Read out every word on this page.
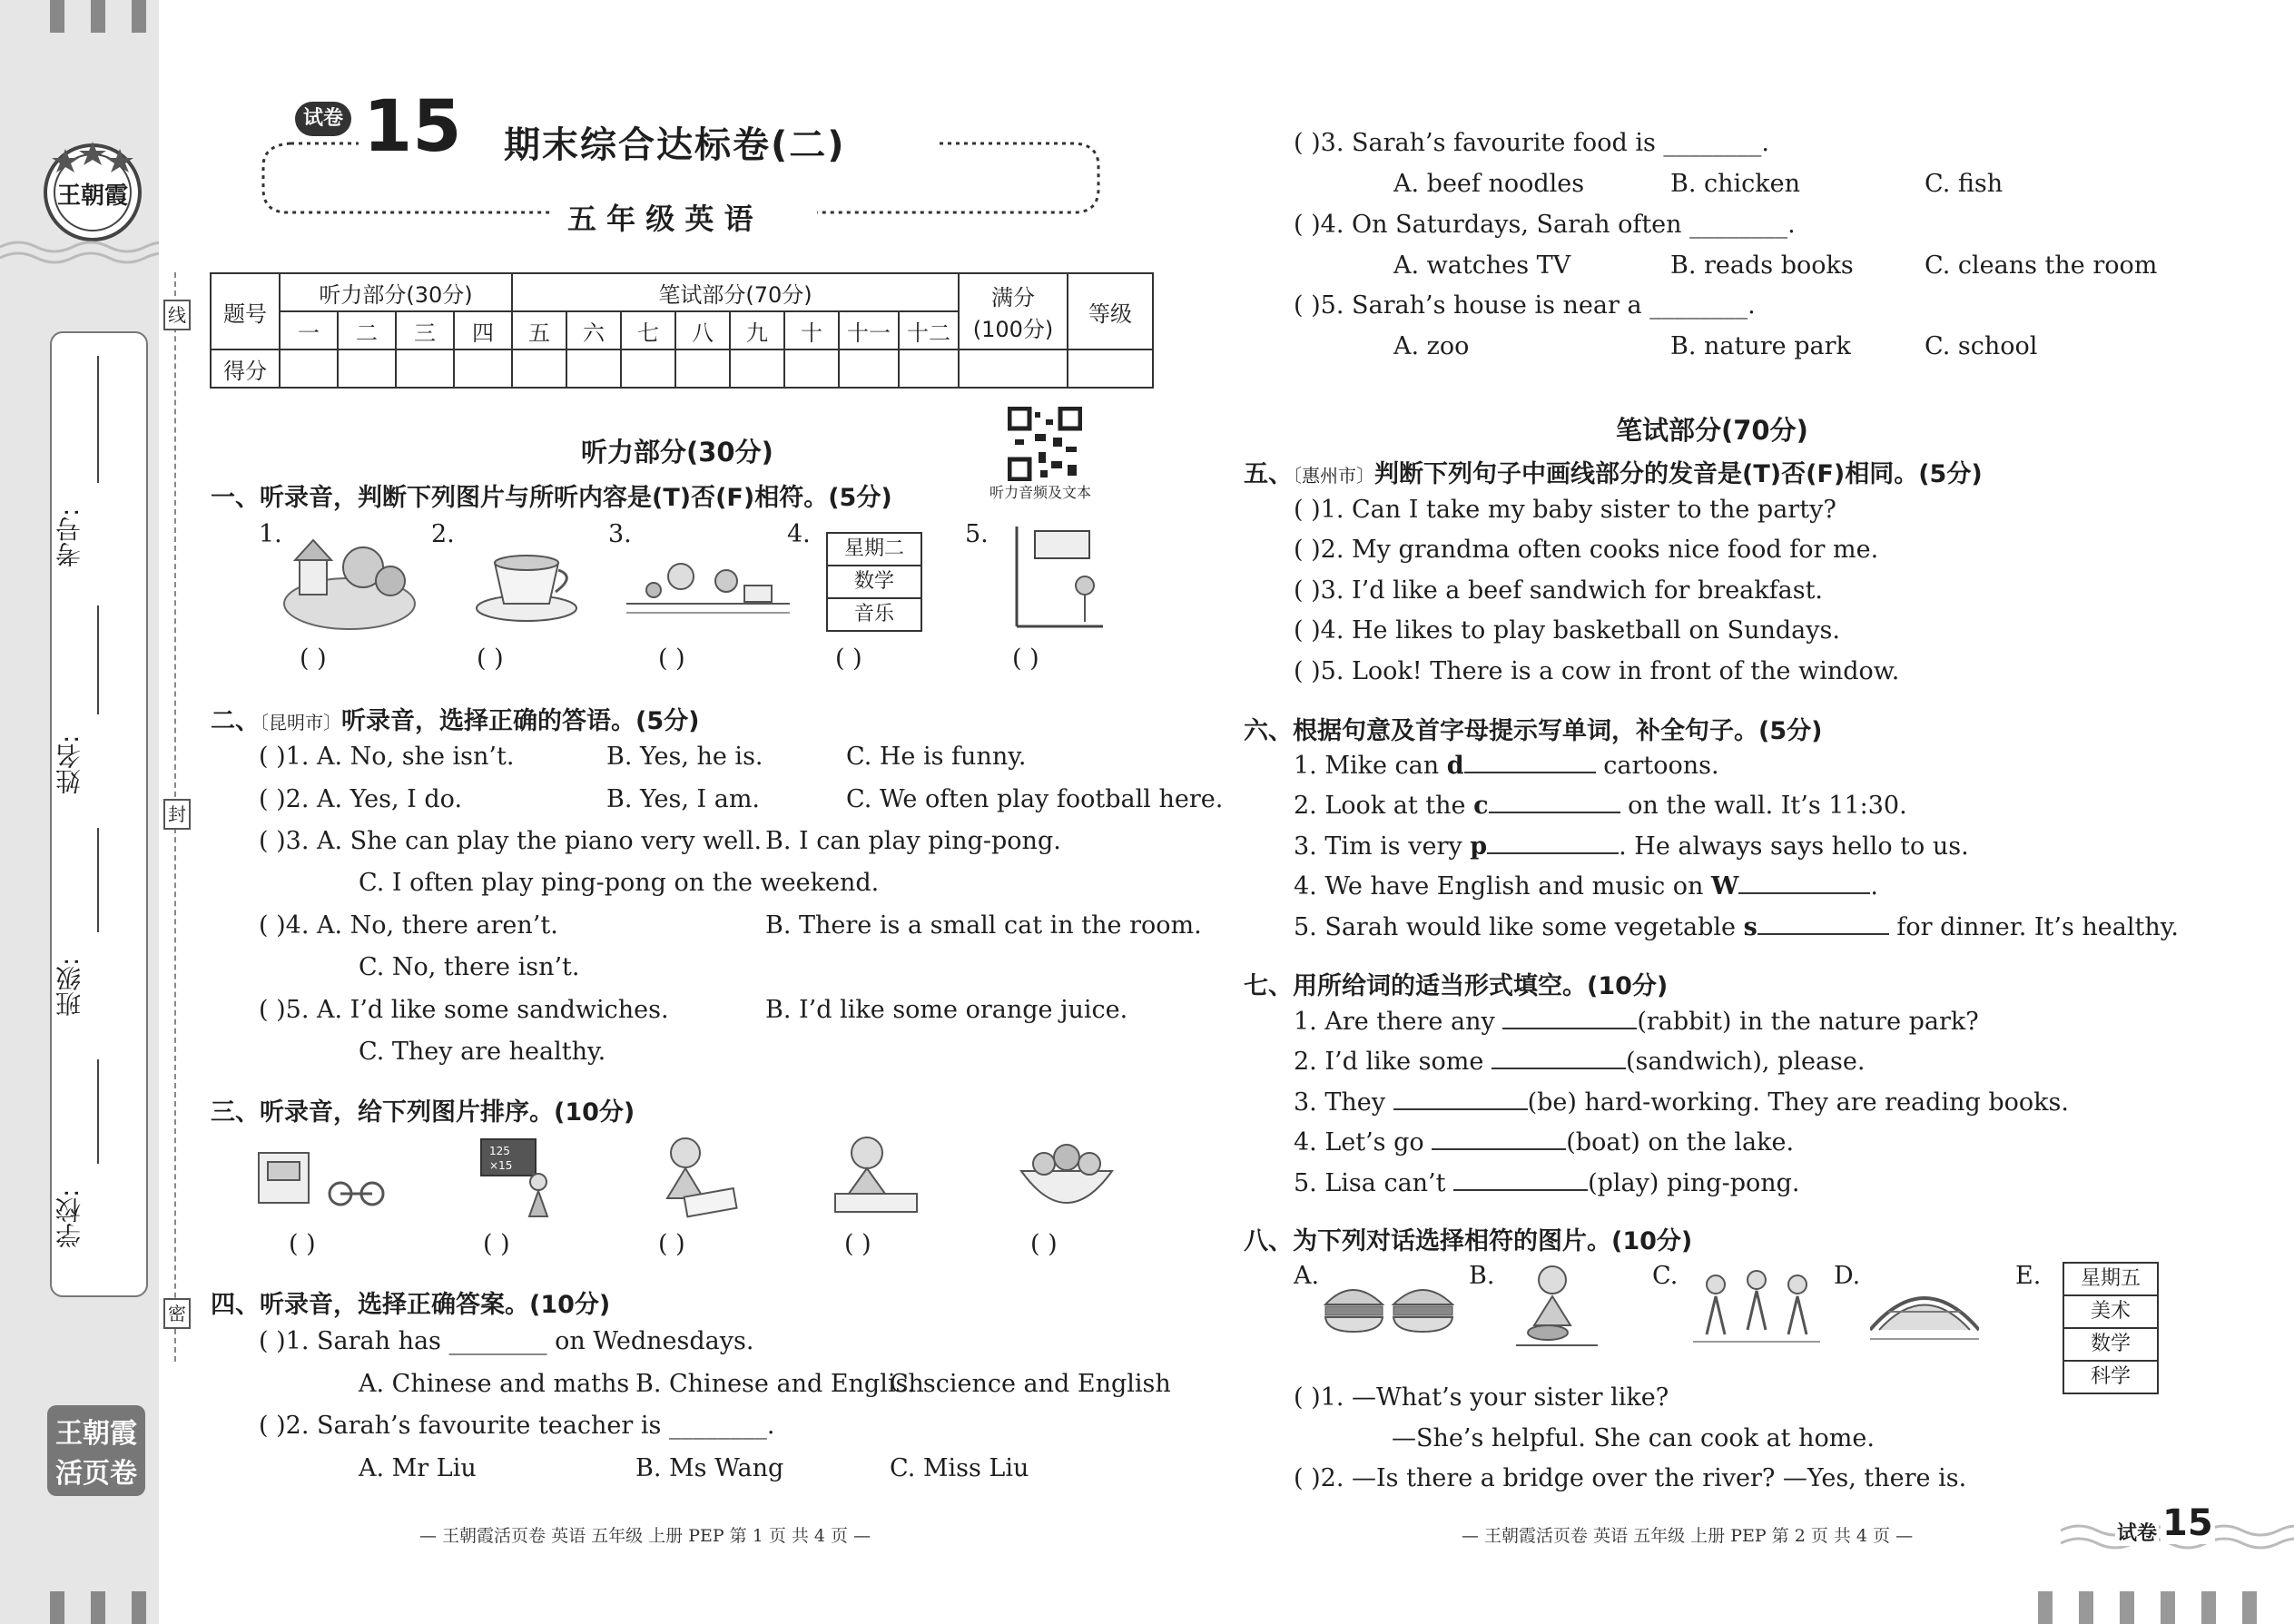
王朝霞
考号:
姓名:
班级:
学校:
王朝霞
活页卷
线
封
密
试卷 15 期末综合达标卷(二)
五 年 级 英 语
题号	听力部分(30分)				笔试部分(70分)								满分
(100分)	等级
	一	二	三	四	五	六	七	八	九	十	十一	十二		
得分														
听力部分(30分)
听力音频及文本
一、听录音，判断下列图片与所听内容是(T)否(F)相符。(5分)
1.	2.	3.	4.	5.
星期二
数学
音乐
( )	( )	( )	( )	( )
二、〔昆明市〕听录音，选择正确的答语。(5分)
( )1. A. No, she isn’t.	B. Yes, he is.	C. He is funny.
( )2. A. Yes, I do.	B. Yes, I am.	C. We often play football here.
( )3. A. She can play the piano very well. B. I can play ping-pong.
C. I often play ping-pong on the weekend.
( )4. A. No, there aren’t.	B. There is a small cat in the room.
C. No, there isn’t.
( )5. A. I’d like some sandwiches.	B. I’d like some orange juice.
C. They are healthy.
三、听录音，给下列图片排序。(10分)
125
×15
( )	( )	( )	( )	( )
四、听录音，选择正确答案。(10分)
( )1. Sarah has ________ on Wednesdays.
A. Chinese and maths B. Chinese and English
C. science and English
( )2. Sarah’s favourite teacher is ________.
A. Mr Liu	B. Ms Wang	C. Miss Liu
— 王朝霞活页卷 英语 五年级 上册 PEP 第 1 页 共 4 页 —
( )3. Sarah’s favourite food is ________.
A. beef noodles	B. chicken	C. fish
( )4. On Saturdays, Sarah often ________.
A. watches TV	B. reads books	C. cleans the room
( )5. Sarah’s house is near a ________.
A. zoo	B. nature park	C. school
笔试部分(70分)
五、〔惠州市〕判断下列句子中画线部分的发音是(T)否(F)相同。(5分)
( )1. Can I take my baby sister to the party?
( )2. My grandma often cooks nice food for me.
( )3. I’d like a beef sandwich for breakfast.
( )4. He likes to play basketball on Sundays.
( )5. Look! There is a cow in front of the window.
六、根据句意及首字母提示写单词，补全句子。(5分)
1. Mike can d	cartoons.
2. Look at the c	on the wall. It’s 11:30.
3. Tim is very p	. He always says hello to us.
4. We have English and music on W	.
5. Sarah would like some vegetable s	for dinner. It’s healthy.
七、用所给词的适当形式填空。(10分)
1. Are there any	(rabbit) in the nature park?
2. I’d like some	(sandwich), please.
3. They	(be) hard-working. They are reading books.
4. Let’s go	(boat) on the lake.
5. Lisa can’t	(play) ping-pong.
八、为下列对话选择相符的图片。(10分)
A.	B.	C.	D.	E.	星期五
美术
数学
科学
( )1. —What’s your sister like?
—She’s helpful. She can cook at home.
( )2. —Is there a bridge over the river? —Yes, there is.
— 王朝霞活页卷 英语 五年级 上册 PEP 第 2 页 共 4 页 —	试卷 15
